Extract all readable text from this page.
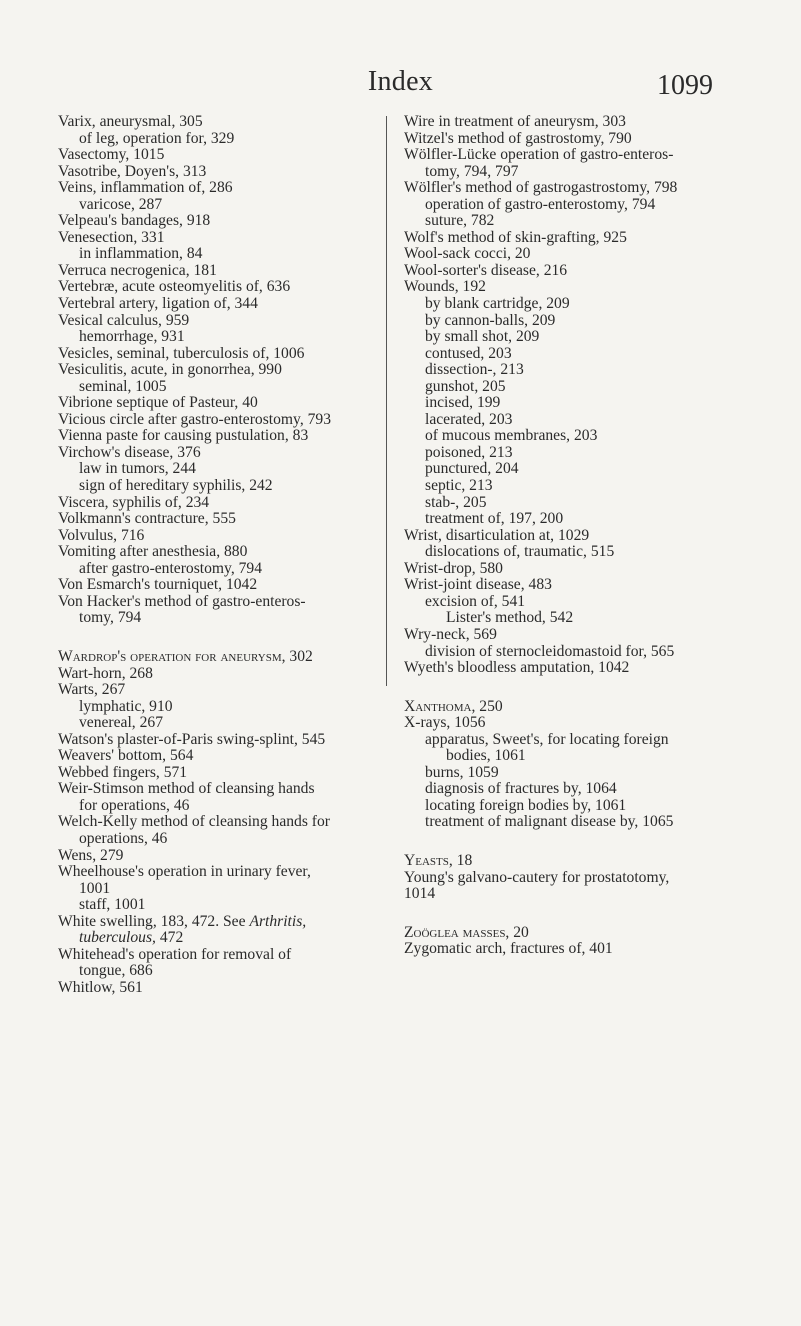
Index	1099
Varix, aneurysmal, 305
of leg, operation for, 329
Vasectomy, 1015
Vasotribe, Doyen's, 313
Veins, inflammation of, 286
varicose, 287
Velpeau's bandages, 918
Venesection, 331
in inflammation, 84
Verruca necrogenica, 181
Vertebræ, acute osteomyelitis of, 636
Vertebral artery, ligation of, 344
Vesical calculus, 959
hemorrhage, 931
Vesicles, seminal, tuberculosis of, 1006
Vesiculitis, acute, in gonorrhea, 990
seminal, 1005
Vibrione septique of Pasteur, 40
Vicious circle after gastro-enterostomy, 793
Vienna paste for causing pustulation, 83
Virchow's disease, 376
law in tumors, 244
sign of hereditary syphilis, 242
Viscera, syphilis of, 234
Volkmann's contracture, 555
Volvulus, 716
Vomiting after anesthesia, 880
after gastro-enterostomy, 794
Von Esmarch's tourniquet, 1042
Von Hacker's method of gastro-enteros-
tomy, 794
Wardrop's operation for aneurysm, 302
Wart-horn, 268
Warts, 267
lymphatic, 910
venereal, 267
Watson's plaster-of-Paris swing-splint, 545
Weavers' bottom, 564
Webbed fingers, 571
Weir-Stimson method of cleansing hands
for operations, 46
Welch-Kelly method of cleansing hands for
operations, 46
Wens, 279
Wheelhouse's operation in urinary fever,
1001
staff, 1001
White swelling, 183, 472. See Arthritis,
tuberculous, 472
Whitehead's operation for removal of
tongue, 686
Whitlow, 561
Wire in treatment of aneurysm, 303
Witzel's method of gastrostomy, 790
Wölfler-Lücke operation of gastro-enteros-
tomy, 794, 797
Wölfler's method of gastrogastrostomy, 798
operation of gastro-enterostomy, 794
suture, 782
Wolf's method of skin-grafting, 925
Wool-sack cocci, 20
Wool-sorter's disease, 216
Wounds, 192
by blank cartridge, 209
by cannon-balls, 209
by small shot, 209
contused, 203
dissection-, 213
gunshot, 205
incised, 199
lacerated, 203
of mucous membranes, 203
poisoned, 213
punctured, 204
septic, 213
stab-, 205
treatment of, 197, 200
Wrist, disarticulation at, 1029
dislocations of, traumatic, 515
Wrist-drop, 580
Wrist-joint disease, 483
excision of, 541
Lister's method, 542
Wry-neck, 569
division of sternocleidomastoid for, 565
Wyeth's bloodless amputation, 1042
Xanthoma, 250
X-rays, 1056
apparatus, Sweet's, for locating foreign
bodies, 1061
burns, 1059
diagnosis of fractures by, 1064
locating foreign bodies by, 1061
treatment of malignant disease by, 1065
Yeasts, 18
Young's galvano-cautery for prostatotomy,
1014
Zoöglea masses, 20
Zygomatic arch, fractures of, 401
